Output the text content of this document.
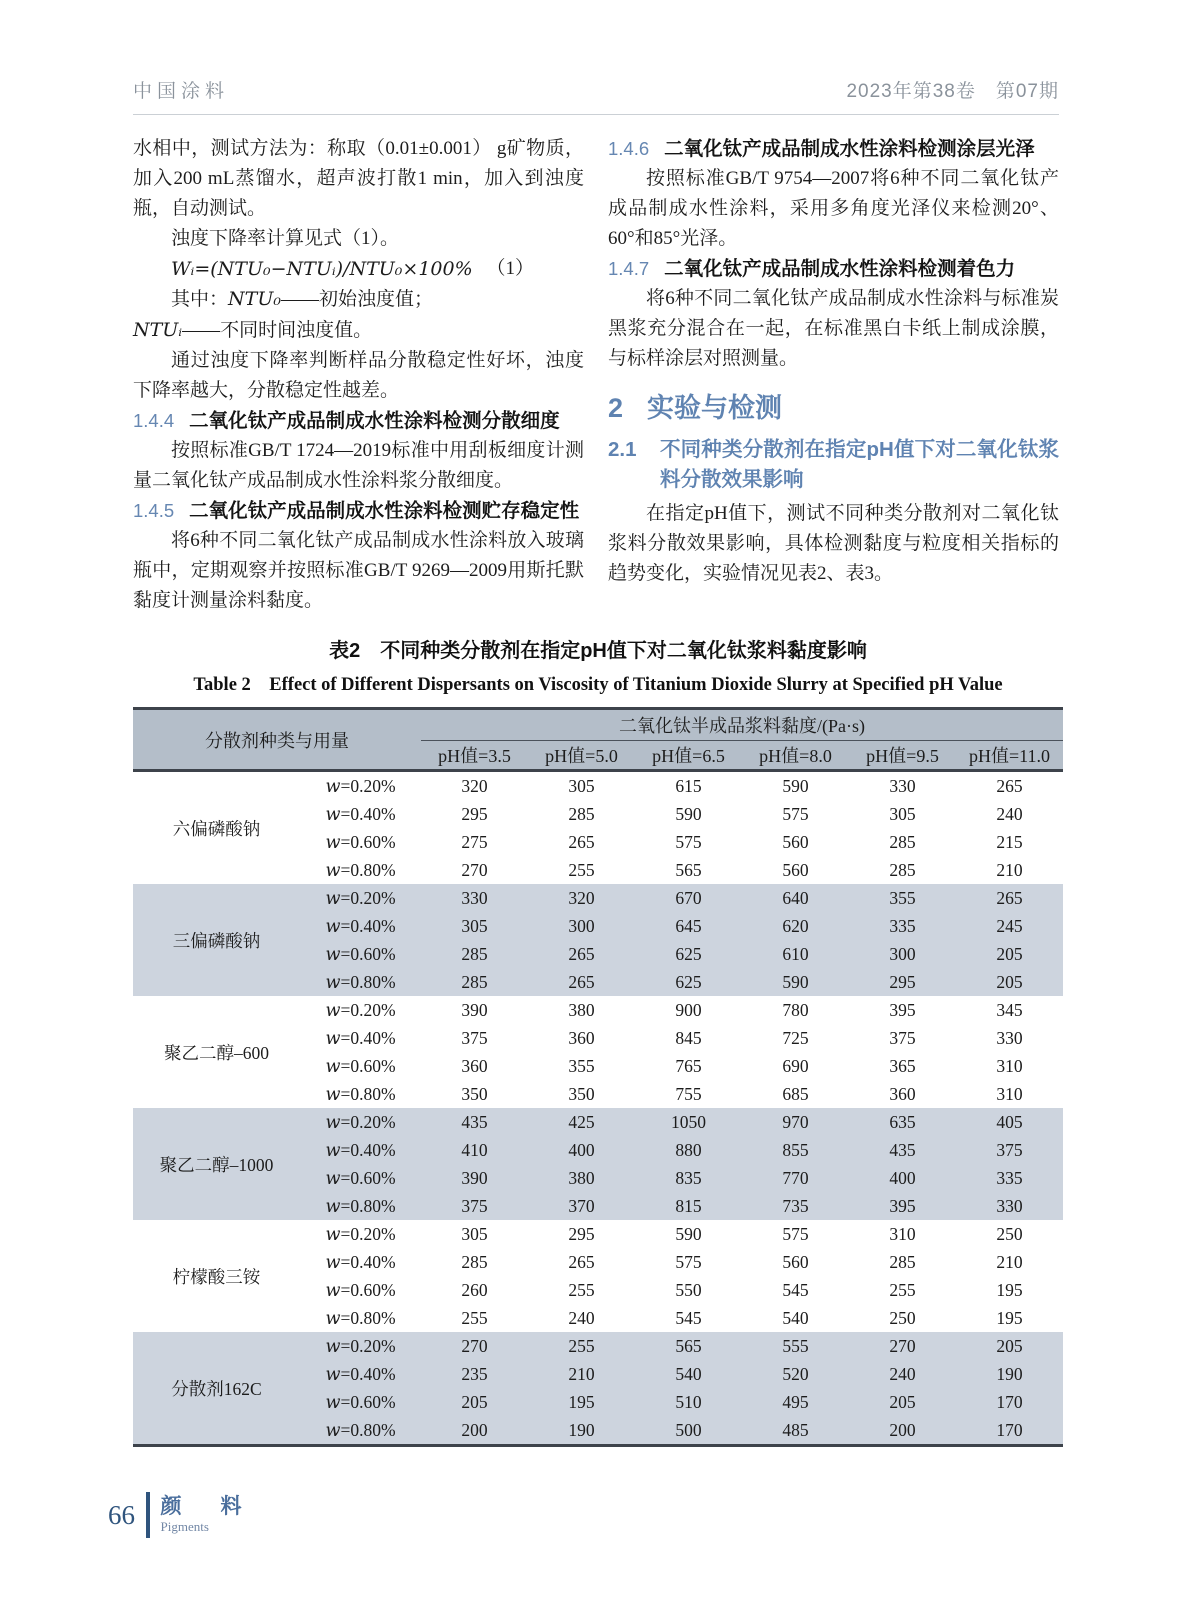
中国涂料	2023年第38卷　第07期

水相中，测试方法为：称取（0.01±0.001） g矿物质，加入200 mL蒸馏水，超声波打散1 min，加入到浊度瓶，自动测试。

浊度下降率计算见式（1）。

Wᵢ=(NTU₀−NTUᵢ)/NTU₀×100% （1）

其中：NTU₀——初始浊度值；

NTUᵢ——不同时间浊度值。

通过浊度下降率判断样品分散稳定性好坏，浊度下降率越大，分散稳定性越差。

1.4.4 二氧化钛产成品制成水性涂料检测分散细度

按照标准GB/T 1724—2019标准中用刮板细度计测量二氧化钛产成品制成水性涂料浆分散细度。

1.4.5 二氧化钛产成品制成水性涂料检测贮存稳定性

将6种不同二氧化钛产成品制成水性涂料放入玻璃瓶中，定期观察并按照标准GB/T 9269—2009用斯托默黏度计测量涂料黏度。

1.4.6 二氧化钛产成品制成水性涂料检测涂层光泽

按照标准GB/T 9754—2007将6种不同二氧化钛产成品制成水性涂料，采用多角度光泽仪来检测20°、60°和85°光泽。

1.4.7 二氧化钛产成品制成水性涂料检测着色力

将6种不同二氧化钛产成品制成水性涂料与标准炭黑浆充分混合在一起，在标准黑白卡纸上制成涂膜，与标样涂层对照测量。

2 实验与检测
2.1	不同种类分散剂在指定pH值下对二氧化钛浆料分散效果影响

在指定pH值下，测试不同种类分散剂对二氧化钛浆料分散效果影响，具体检测黏度与粒度相关指标的趋势变化，实验情况见表2、表3。

表2　不同种类分散剂在指定pH值下对二氧化钛浆料黏度影响

Table 2　Effect of Different Dispersants on Viscosity of Titanium Dioxide Slurry at Specified pH Value

分散剂种类与用量		二氧化钛半成品浆料黏度/(Pa·s)					
		pH值=3.5	pH值=5.0	pH值=6.5	pH值=8.0	pH值=9.5	pH值=11.0
六偏磷酸钠	w=0.20%	320	305	615	590	330	265
	w=0.40%	295	285	590	575	305	240
	w=0.60%	275	265	575	560	285	215
	w=0.80%	270	255	565	560	285	210
三偏磷酸钠	w=0.20%	330	320	670	640	355	265
	w=0.40%	305	300	645	620	335	245
	w=0.60%	285	265	625	610	300	205
	w=0.80%	285	265	625	590	295	205
聚乙二醇–600	w=0.20%	390	380	900	780	395	345
	w=0.40%	375	360	845	725	375	330
	w=0.60%	360	355	765	690	365	310
	w=0.80%	350	350	755	685	360	310
聚乙二醇–1000	w=0.20%	435	425	1050	970	635	405
	w=0.40%	410	400	880	855	435	375
	w=0.60%	390	380	835	770	400	335
	w=0.80%	375	370	815	735	395	330
柠檬酸三铵	w=0.20%	305	295	590	575	310	250
	w=0.40%	285	265	575	560	285	210
	w=0.60%	260	255	550	545	255	195
	w=0.80%	255	240	545	540	250	195
分散剂162C	w=0.20%	270	255	565	555	270	205
	w=0.40%	235	210	540	520	240	190
	w=0.60%	205	195	510	495	205	170
	w=0.80%	200	190	500	485	200	170
66 颜　料
Pigments
